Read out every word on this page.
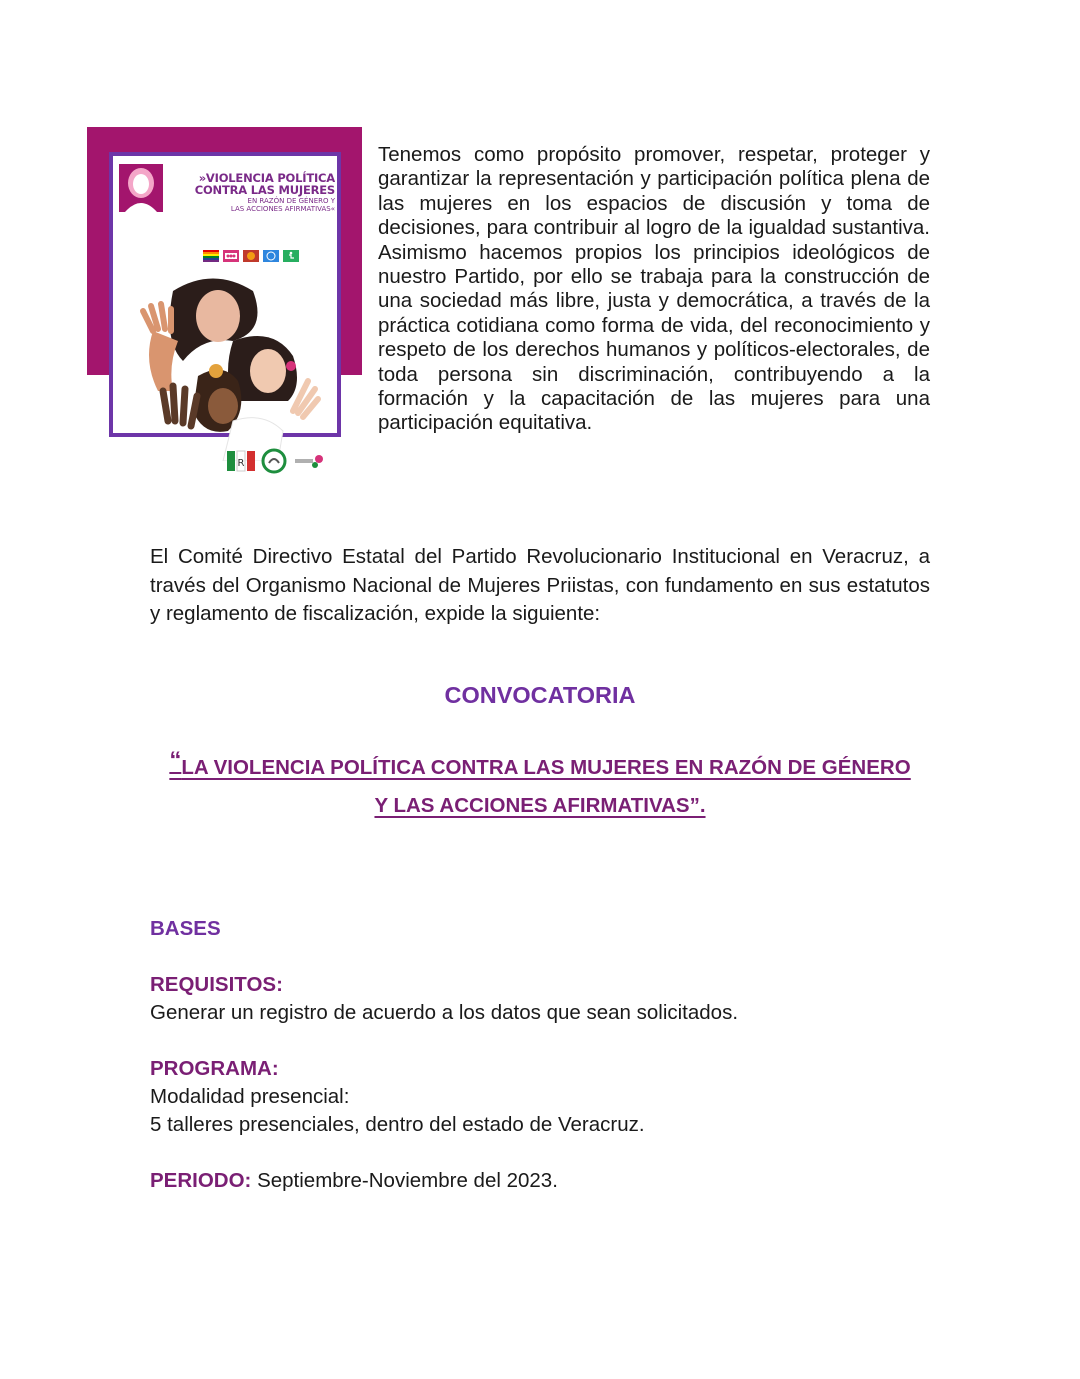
»VIOLENCIA POLÍTICA
CONTRA LAS MUJERES
EN RAZÓN DE GÉNERO Y
LAS ACCIONES AFIRMATIVAS«
R

Tenemos como propósito promover, respetar, proteger y garantizar la representación y participación política plena de las mujeres en los espacios de discusión y toma de decisiones, para contribuir al logro de la igualdad sustantiva. Asimismo hacemos propios los principios ideológicos de nuestro Partido, por ello se trabaja para la construcción de una sociedad más libre, justa y democrática, a través de la práctica cotidiana como forma de vida, del reconocimiento y respeto de los derechos humanos y políticos-electorales, de toda persona sin discriminación, contribuyendo a la formación y la capacitación de las mujeres para una participación equitativa.

El Comité Directivo Estatal del Partido Revolucionario Institucional en Veracruz, a través del Organismo Nacional de Mujeres Priistas, con fundamento en sus estatutos y reglamento de fiscalización, expide la siguiente:

CONVOCATORIA
“LA VIOLENCIA POLÍTICA CONTRA LAS MUJERES EN RAZÓN DE GÉNERO
Y LAS ACCIONES AFIRMATIVAS”.
BASES
REQUISITOS:
Generar un registro de acuerdo a los datos que sean solicitados.
PROGRAMA:
Modalidad presencial:
5 talleres presenciales, dentro del estado de Veracruz.
PERIODO: Septiembre-Noviembre del 2023.
